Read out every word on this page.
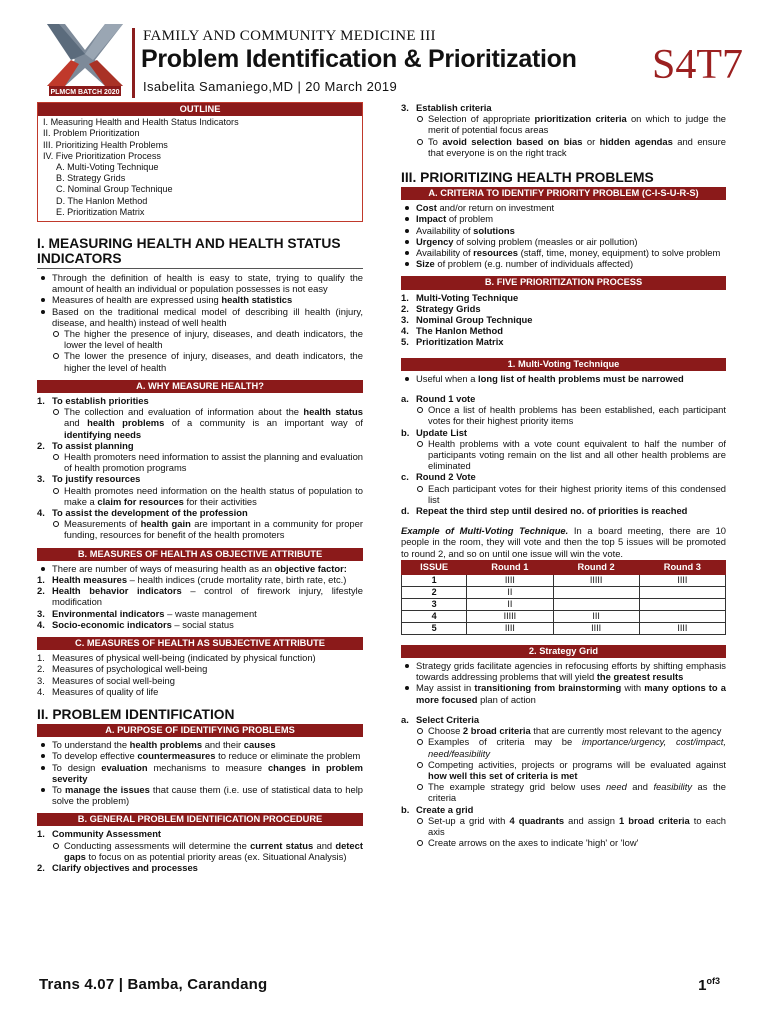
PLMCM BATCH 2020
FAMILY AND COMMUNITY MEDICINE III
Problem Identification & Prioritization
Isabelita Samaniego,MD | 20 March 2019	S4T7
OUTLINE
I. Measuring Health and Health Status Indicators
II. Problem Prioritization
III. Prioritizing Health Problems
IV. Five Prioritization Process
A. Multi-Voting Technique
B. Strategy Grids
C. Nominal Group Technique
D. The Hanlon Method
E. Prioritization Matrix
I. MEASURING HEALTH AND HEALTH STATUS INDICATORS

Through the definition of health is easy to state, trying to qualify the amount of health an individual or population possesses is not easy

Measures of health are expressed using health statistics

Based on the traditional medical model of describing ill health (injury, disease, and health) instead of well health

The higher the presence of injury, diseases, and death indicators, the lower the level of health

The lower the presence of injury, diseases, and death indicators, the higher the level of health

A. WHY MEASURE HEALTH?

1. To establish priorities

The collection and evaluation of information about the health status and health problems of a community is an important way of identifying needs

2. To assist planning

Health promoters need information to assist the planning and evaluation of health promotion programs

3. To justify resources

Health promotes need information on the health status of population to make a claim for resources for their activities

4. To assist the development of the profession

Measurements of health gain are important in a community for proper funding, resources for benefit of the health promoters

B. MEASURES OF HEALTH AS OBJECTIVE ATTRIBUTE

There are number of ways of measuring health as an objective factor:

1. Health measures – health indices (crude mortality rate, birth rate, etc.)

2. Health behavior indicators – control of firework injury, lifestyle modification

3. Environmental indicators – waste management

4. Socio-economic indicators – social status

C. MEASURES OF HEALTH AS SUBJECTIVE ATTRIBUTE

1. Measures of physical well-being (indicated by physical function)

2. Measures of psychological well-being

3. Measures of social well-being

4. Measures of quality of life

II. PROBLEM IDENTIFICATION
A. PURPOSE OF IDENTIFYING PROBLEMS

To understand the health problems and their causes

To develop effective countermeasures to reduce or eliminate the problem

To design evaluation mechanisms to measure changes in problem severity

To manage the issues that cause them (i.e. use of statistical data to help solve the problem)

B. GENERAL PROBLEM IDENTIFICATION PROCEDURE

1. Community Assessment

Conducting assessments will determine the current status and detect gaps to focus on as potential priority areas (ex. Situational Analysis)

2. Clarify objectives and processes

3. Establish criteria

Selection of appropriate prioritization criteria on which to judge the merit of potential focus areas

To avoid selection based on bias or hidden agendas and ensure that everyone is on the right track

III. PRIORITIZING HEALTH PROBLEMS
A. CRITERIA TO IDENTIFY PRIORITY PROBLEM (C-I-S-U-R-S)

Cost and/or return on investment

Impact of problem

Availability of solutions

Urgency of solving problem (measles or air pollution)

Availability of resources (staff, time, money, equipment) to solve problem

Size of problem (e.g. number of individuals affected)

B. FIVE PRIORITIZATION PROCESS

1. Multi-Voting Technique

2. Strategy Grids

3. Nominal Group Technique

4. The Hanlon Method

5. Prioritization Matrix

1. Multi-Voting Technique

Useful when a long list of health problems must be narrowed

a. Round 1 vote

Once a list of health problems has been established, each participant votes for their highest priority items

b. Update List

Health problems with a vote count equivalent to half the number of participants voting remain on the list and all other health problems are eliminated

c. Round 2 Vote

Each participant votes for their highest priority items of this condensed list

d. Repeat the third step until desired no. of priorities is reached

Example of Multi-Voting Technique. In a board meeting, there are 10 people in the room, they will vote and then the top 5 issues will be promoted to round 2, and so on until one issue will win the vote.

ISSUE	Round 1	Round 2	Round 3
1	IIII	IIIII	IIII
2	II		
3	II		
4	IIIII	III	
5	IIII	IIII	IIII
2. Strategy Grid

Strategy grids facilitate agencies in refocusing efforts by shifting emphasis towards addressing problems that will yield the greatest results

May assist in transitioning from brainstorming with many options to a more focused plan of action

a. Select Criteria

Choose 2 broad criteria that are currently most relevant to the agency

Examples of criteria may be importance/urgency, cost/impact, need/feasibility

Competing activities, projects or programs will be evaluated against how well this set of criteria is met

The example strategy grid below uses need and feasibility as the criteria

b. Create a grid

Set-up a grid with 4 quadrants and assign 1 broad criteria to each axis

Create arrows on the axes to indicate 'high' or 'low'

Trans 4.07 | Bamba, Carandang	$1^{of3}$
